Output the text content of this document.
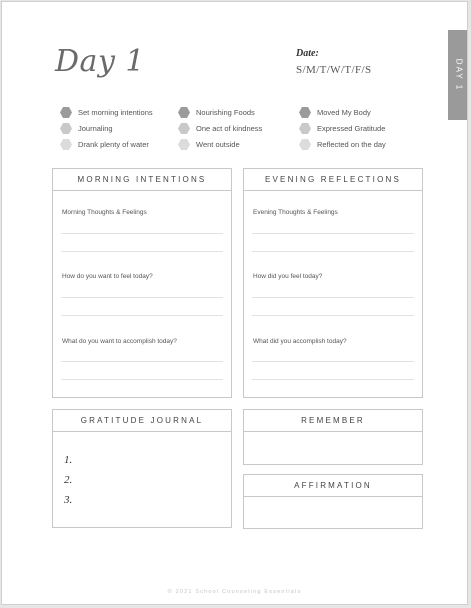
Day 1	Date:
S/M/T/W/T/F/S	DAY 1
Set morning intentions
Journaling
Drank plenty of water
Nourishing Foods
One act of kindness
Went outside
Moved My Body
Expressed Gratitude
Reflected on the day
MORNING INTENTIONS
Morning Thoughts & Feelings
How do you want to feel today?
What do you want to accomplish today?
EVENING REFLECTIONS
Evening Thoughts & Feelings
How did you feel today?
What did you accomplish today?
GRATITUDE JOURNAL
1.
2.
3.
REMEMBER
AFFIRMATION
© 2021 School Counseling Essentials
